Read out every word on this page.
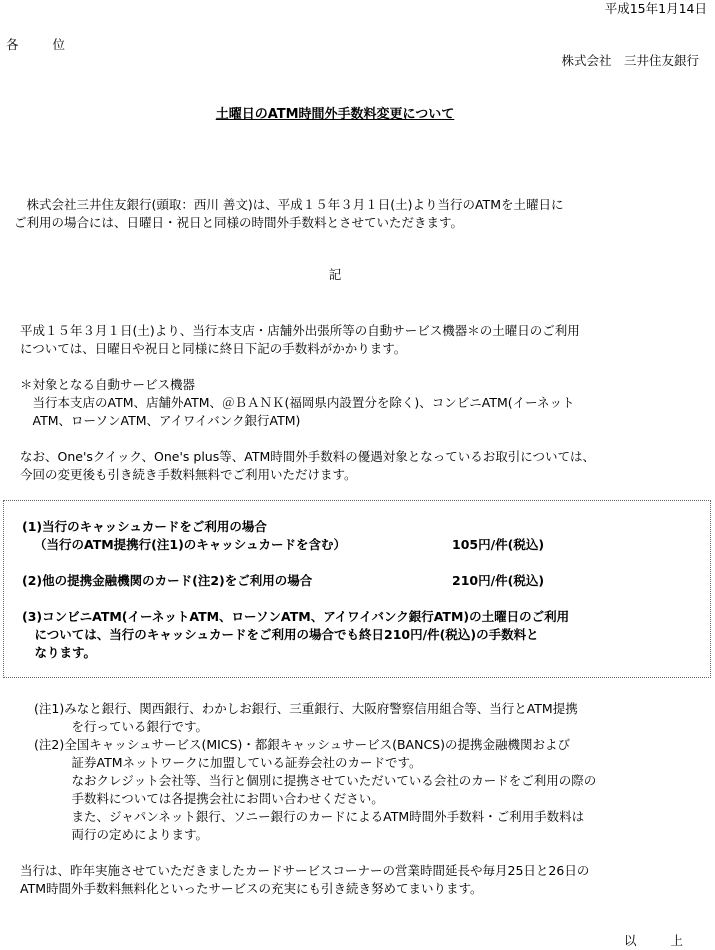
平成15年1月14日
各	位
株式会社　三井住友銀行
土曜日のATM時間外手数料変更について
　株式会社三井住友銀行(頭取：西川 善文)は、平成１５年３月１日(土)より当行のATMを土曜日に
ご利用の場合には、日曜日・祝日と同様の時間外手数料とさせていただきます。
記
平成１５年３月１日(土)より、当行本支店・店舗外出張所等の自動サービス機器＊の土曜日のご利用
については、日曜日や祝日と同様に終日下記の手数料がかかります。
＊対象となる自動サービス機器
　当行本支店のATM、店舗外ATM、＠ＢＡＮＫ(福岡県内設置分を除く)、コンビニATM(イーネット
　ATM、ローソンATM、アイワイバンク銀行ATM)
なお、One'sクイック、One's plus等、ATM時間外手数料の優遇対象となっているお取引については、
今回の変更後も引き続き手数料無料でご利用いただけます。
(1)当行のキャッシュカードをご利用の場合
（当行のATM提携行(注1)のキャッシュカードを含む）	105円/件(税込)
(2)他の提携金融機関のカード(注2)をご利用の場合	210円/件(税込)
(3)コンビニATM(イーネットATM、ローソンATM、アイワイバンク銀行ATM)の土曜日のご利用
　については、当行のキャッシュカードをご利用の場合でも終日210円/件(税込)の手数料と
　なります。
(注1)みなと銀行、関西銀行、わかしお銀行、三重銀行、大阪府警察信用組合等、当行とATM提携
　　　を行っている銀行です。
(注2)全国キャッシュサービス(MICS)・都銀キャッシュサービス(BANCS)の提携金融機関および
　　　証券ATMネットワークに加盟している証券会社のカードです。
　　　なおクレジット会社等、当行と個別に提携させていただいている会社のカードをご利用の際の
　　　手数料については各提携会社にお問い合わせください。
　　　また、ジャパンネット銀行、ソニー銀行のカードによるATM時間外手数料・ご利用手数料は
　　　両行の定めによります。
当行は、昨年実施させていただきましたカードサービスコーナーの営業時間延長や毎月25日と26日の
ATM時間外手数料無料化といったサービスの充実にも引き続き努めてまいります。
以	上
